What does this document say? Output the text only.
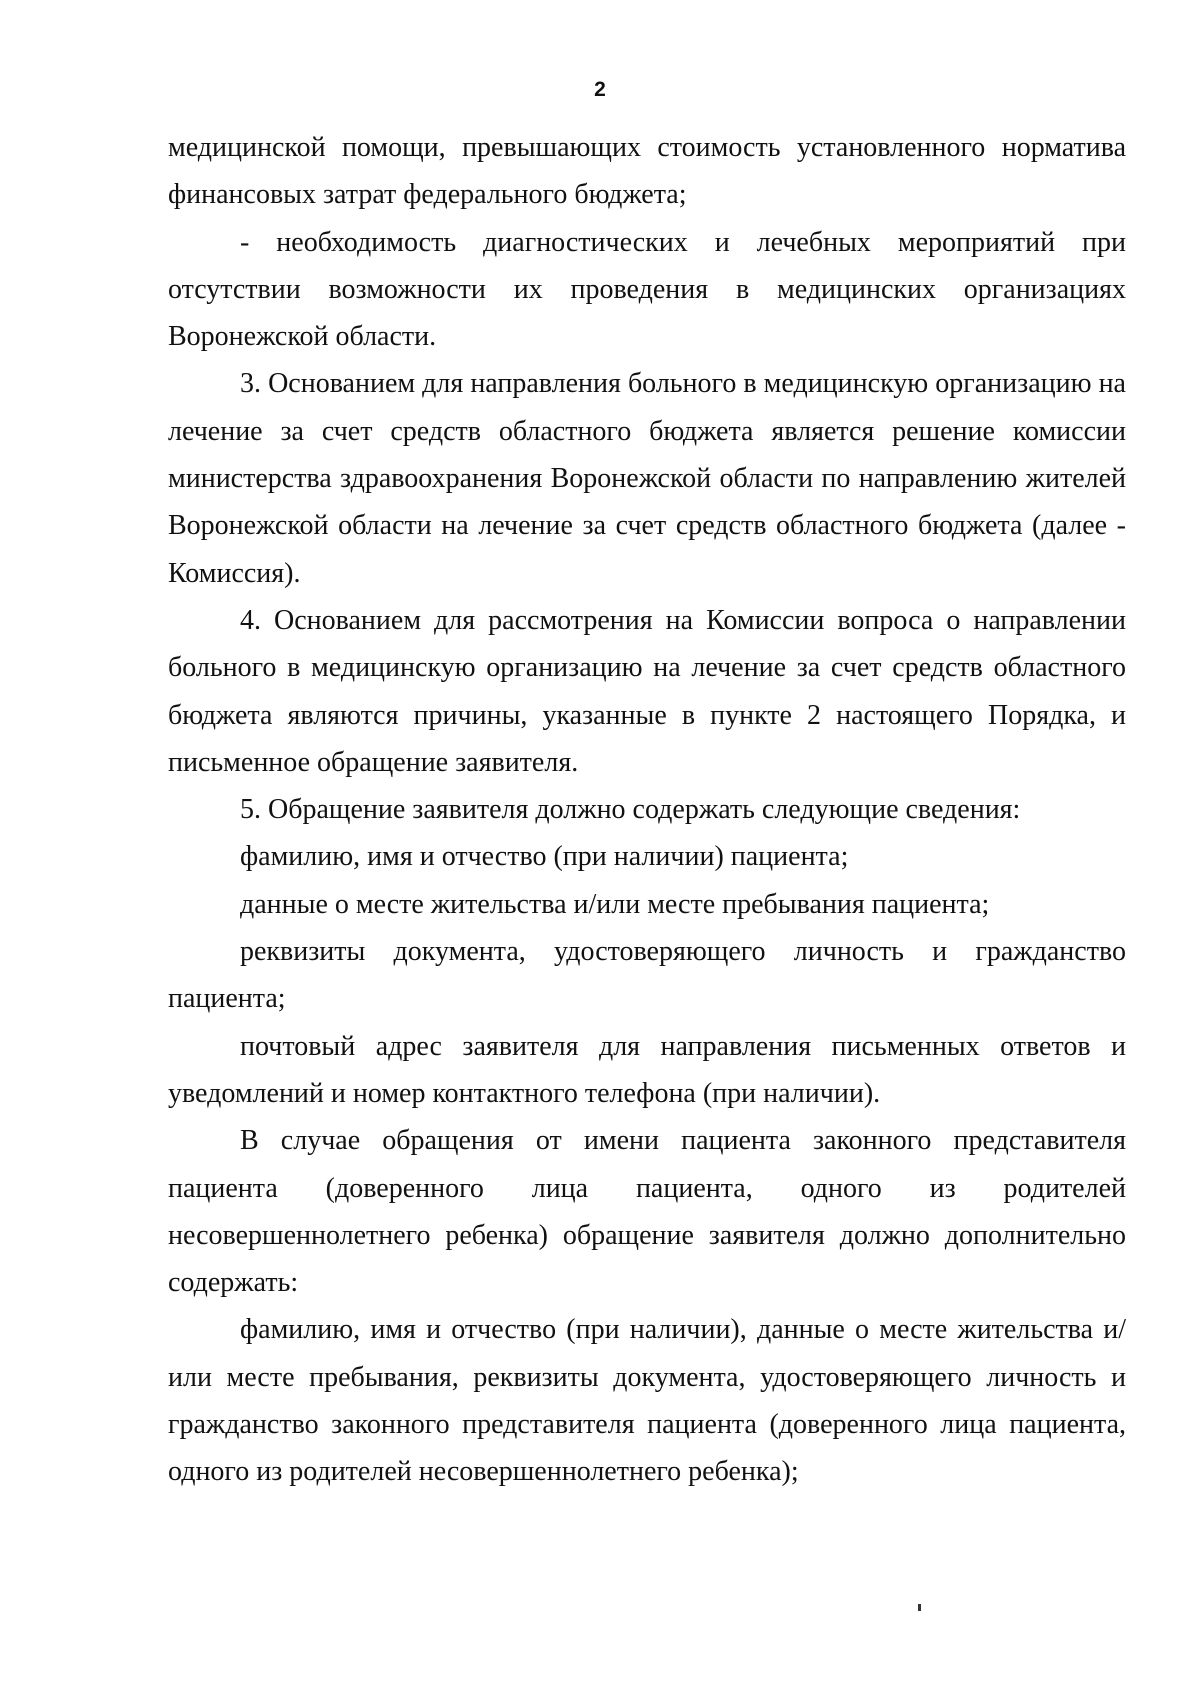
2

медицинской помощи, превышающих стоимость установленного норматива финансовых затрат федерального бюджета;

- необходимость диагностических и лечебных мероприятий при отсутствии возможности их проведения в медицинских организациях Воронежской области.

3. Основанием для направления больного в медицинскую организацию на лечение за счет средств областного бюджета является решение комиссии министерства здравоохранения Воронежской области по направлению жителей Воронежской области на лечение за счет средств областного бюджета (далее - Комиссия).

4. Основанием для рассмотрения на Комиссии вопроса о направлении больного в медицинскую организацию на лечение за счет средств областного бюджета являются причины, указанные в пункте 2 настоящего Порядка, и письменное обращение заявителя.

5. Обращение заявителя должно содержать следующие сведения:

фамилию, имя и отчество (при наличии) пациента;

данные о месте жительства и/или месте пребывания пациента;

реквизиты документа, удостоверяющего личность и гражданство пациента;

почтовый адрес заявителя для направления письменных ответов и уведомлений и номер контактного телефона (при наличии).

В случае обращения от имени пациента законного представителя пациента (доверенного лица пациента, одного из родителей несовершеннолетнего ребенка) обращение заявителя должно дополнительно содержать:

фамилию, имя и отчество (при наличии), данные о месте жительства и/или месте пребывания, реквизиты документа, удостоверяющего личность и гражданство законного представителя пациента (доверенного лица пациента, одного из родителей несовершеннолетнего ребенка);
